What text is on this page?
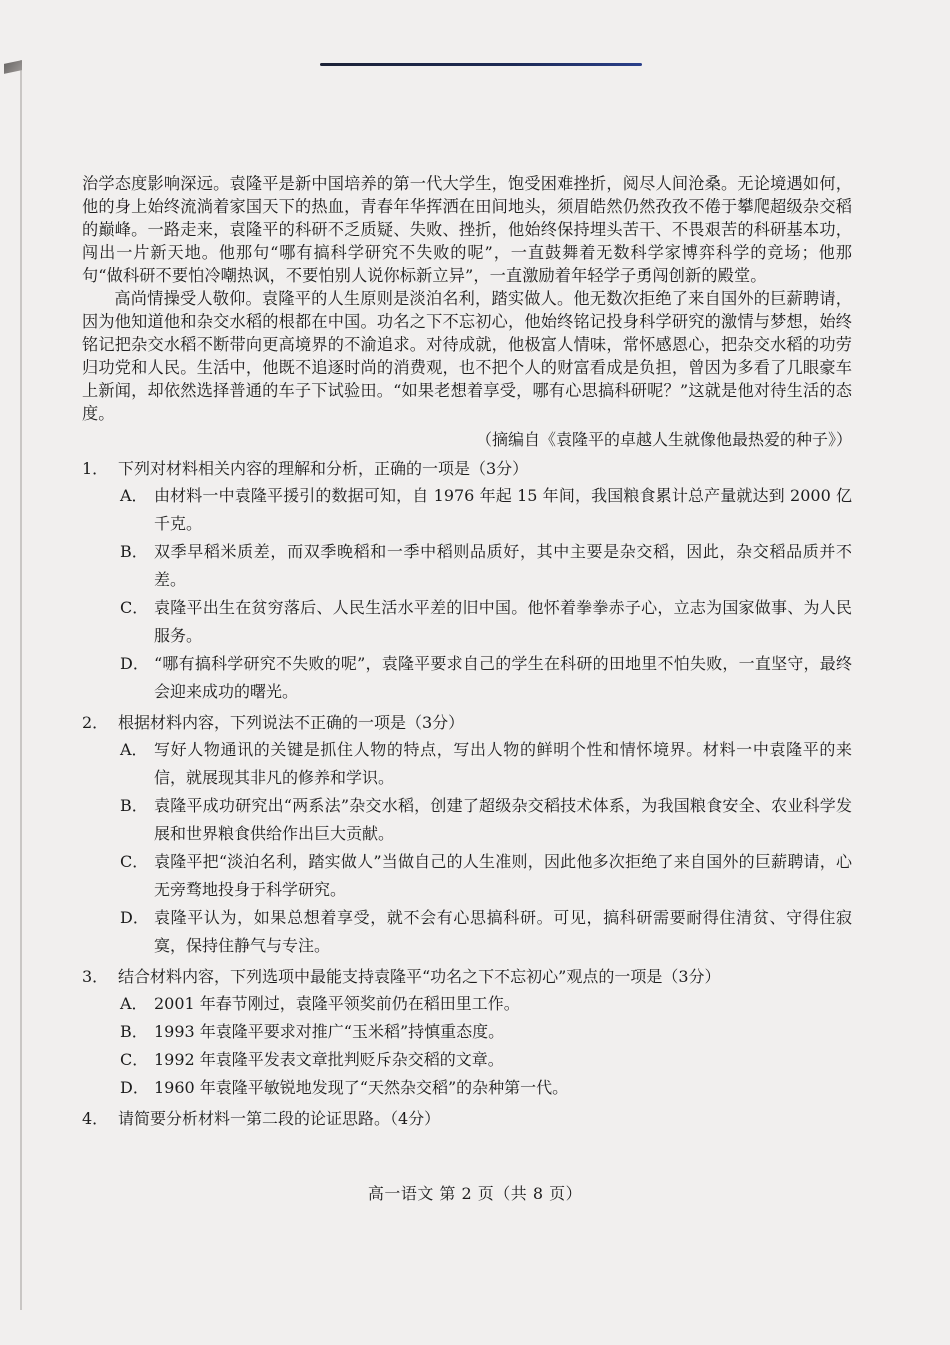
治学态度影响深远。袁隆平是新中国培养的第一代大学生，饱受困难挫折，阅尽人间沧桑。无论境遇如何，他的身上始终流淌着家国天下的热血，青春年华挥洒在田间地头，须眉皓然仍然孜孜不倦于攀爬超级杂交稻的巅峰。一路走来，袁隆平的科研不乏质疑、失败、挫折，他始终保持埋头苦干、不畏艰苦的科研基本功，闯出一片新天地。他那句“哪有搞科学研究不失败的呢”，一直鼓舞着无数科学家博弈科学的竞场；他那句“做科研不要怕冷嘲热讽，不要怕别人说你标新立异”，一直激励着年轻学子勇闯创新的殿堂。

高尚情操受人敬仰。袁隆平的人生原则是淡泊名利，踏实做人。他无数次拒绝了来自国外的巨薪聘请，因为他知道他和杂交水稻的根都在中国。功名之下不忘初心，他始终铭记投身科学研究的激情与梦想，始终铭记把杂交水稻不断带向更高境界的不渝追求。对待成就，他极富人情味，常怀感恩心，把杂交水稻的功劳归功党和人民。生活中，他既不追逐时尚的消费观，也不把个人的财富看成是负担，曾因为多看了几眼豪车上新闻，却依然选择普通的车子下试验田。“如果老想着享受，哪有心思搞科研呢？”这就是他对待生活的态度。

（摘编自《袁隆平的卓越人生就像他最热爱的种子》）
1． 下列对材料相关内容的理解和分析，正确的一项是（3分）
A． 由材料一中袁隆平援引的数据可知，自 1976 年起 15 年间，我国粮食累计总产量就达到 2000 亿千克。
B． 双季早稻米质差，而双季晚稻和一季中稻则品质好，其中主要是杂交稻，因此，杂交稻品质并不差。
C． 袁隆平出生在贫穷落后、人民生活水平差的旧中国。他怀着拳拳赤子心，立志为国家做事、为人民服务。
D． “哪有搞科学研究不失败的呢”，袁隆平要求自己的学生在科研的田地里不怕失败，一直坚守，最终会迎来成功的曙光。
2． 根据材料内容，下列说法不正确的一项是（3分）
A． 写好人物通讯的关键是抓住人物的特点，写出人物的鲜明个性和情怀境界。材料一中袁隆平的来信，就展现其非凡的修养和学识。
B． 袁隆平成功研究出“两系法”杂交水稻，创建了超级杂交稻技术体系，为我国粮食安全、农业科学发展和世界粮食供给作出巨大贡献。
C． 袁隆平把“淡泊名利，踏实做人”当做自己的人生准则，因此他多次拒绝了来自国外的巨薪聘请，心无旁骛地投身于科学研究。
D． 袁隆平认为，如果总想着享受，就不会有心思搞科研。可见，搞科研需要耐得住清贫、守得住寂寞，保持住静气与专注。
3． 结合材料内容，下列选项中最能支持袁隆平“功名之下不忘初心”观点的一项是（3分）
A． 2001 年春节刚过，袁隆平领奖前仍在稻田里工作。
B． 1993 年袁隆平要求对推广“玉米稻”持慎重态度。
C． 1992 年袁隆平发表文章批判贬斥杂交稻的文章。
D． 1960 年袁隆平敏锐地发现了“天然杂交稻”的杂种第一代。
4． 请简要分析材料一第二段的论证思路。（4分）
高一语文 第 2 页（共 8 页）
